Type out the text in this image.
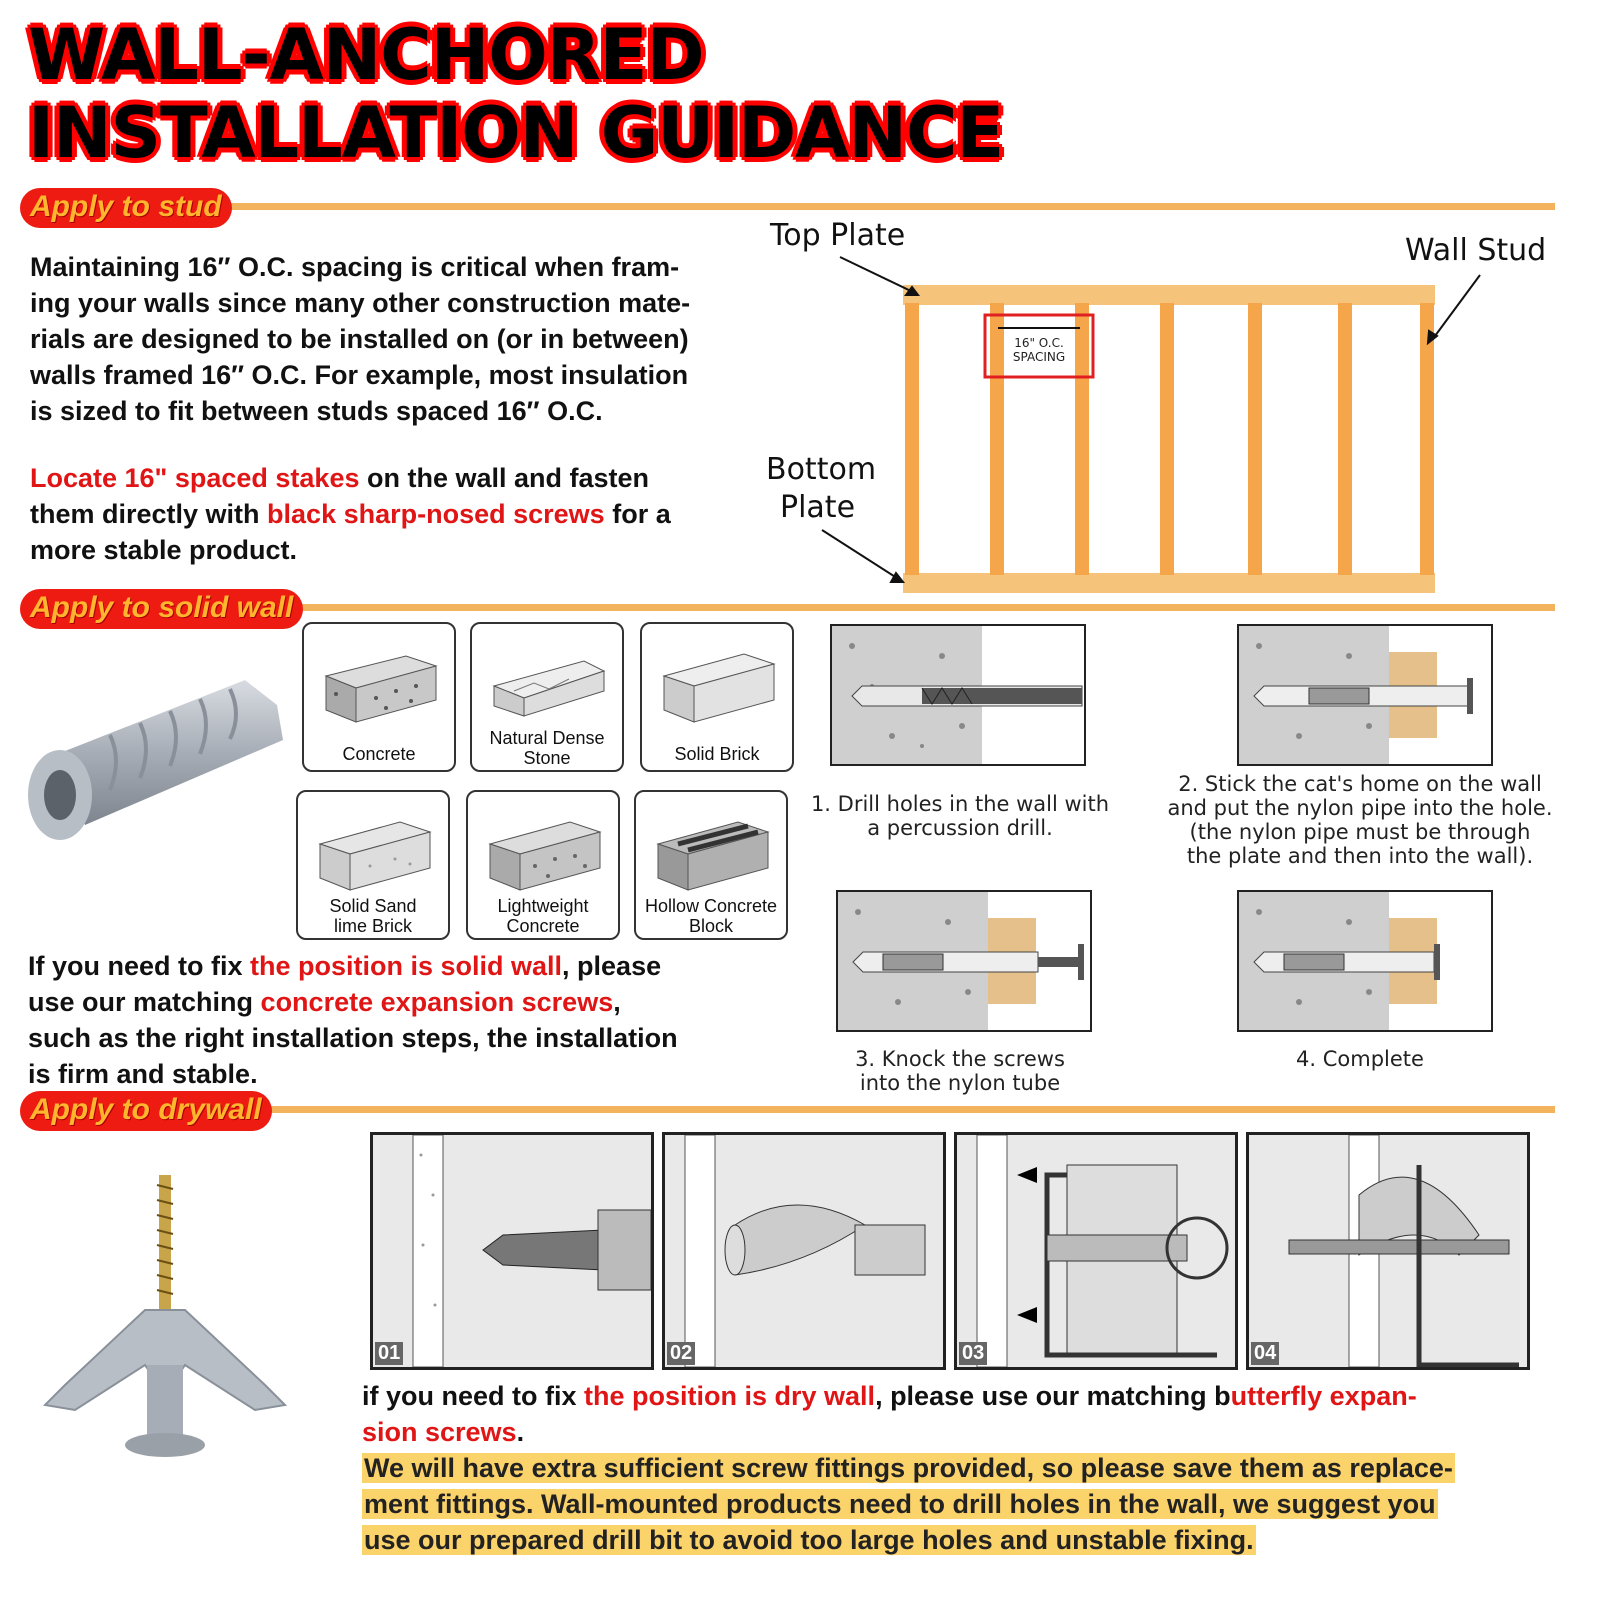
WALL-ANCHORED
INSTALLATION GUIDANCE
Apply to stud
Maintaining 16″ O.C. spacing is critical when fram-
ing your walls since many other construction mate-
rials are designed to be installed on (or in between)
walls framed 16″ O.C. For example, most insulation
is sized to fit between studs spaced 16″ O.C.
Locate 16" spaced stakes on the wall and fasten
them directly with black sharp-nosed screws for a
more stable product.
16" O.C.
SPACING
Top Plate	Wall Stud
Bottom
Plate
Apply to solid wall
Concrete
Natural Dense
Stone	Solid Brick
Solid Sand
lime Brick
Lightweight
Concrete
Hollow Concrete
Block
1. Drill holes in the wall with
a percussion drill.
2. Stick the cat's home on the wall
and put the nylon pipe into the hole.
(the nylon pipe must be through
the plate and then into the wall).
3. Knock the screws
into the nylon tube
4. Complete
If you need to fix the position is solid wall, please
use our matching concrete expansion screws,
such as the right installation steps, the installation
is firm and stable.
Apply to drywall
01	02	03	04
if you need to fix the position is dry wall, please use our matching butterfly expan-
sion screws.
We will have extra sufficient screw fittings provided, so please save them as replace-
ment fittings. Wall-mounted products need to drill holes in the wall, we suggest you
use our prepared drill bit to avoid too large holes and unstable fixing.
